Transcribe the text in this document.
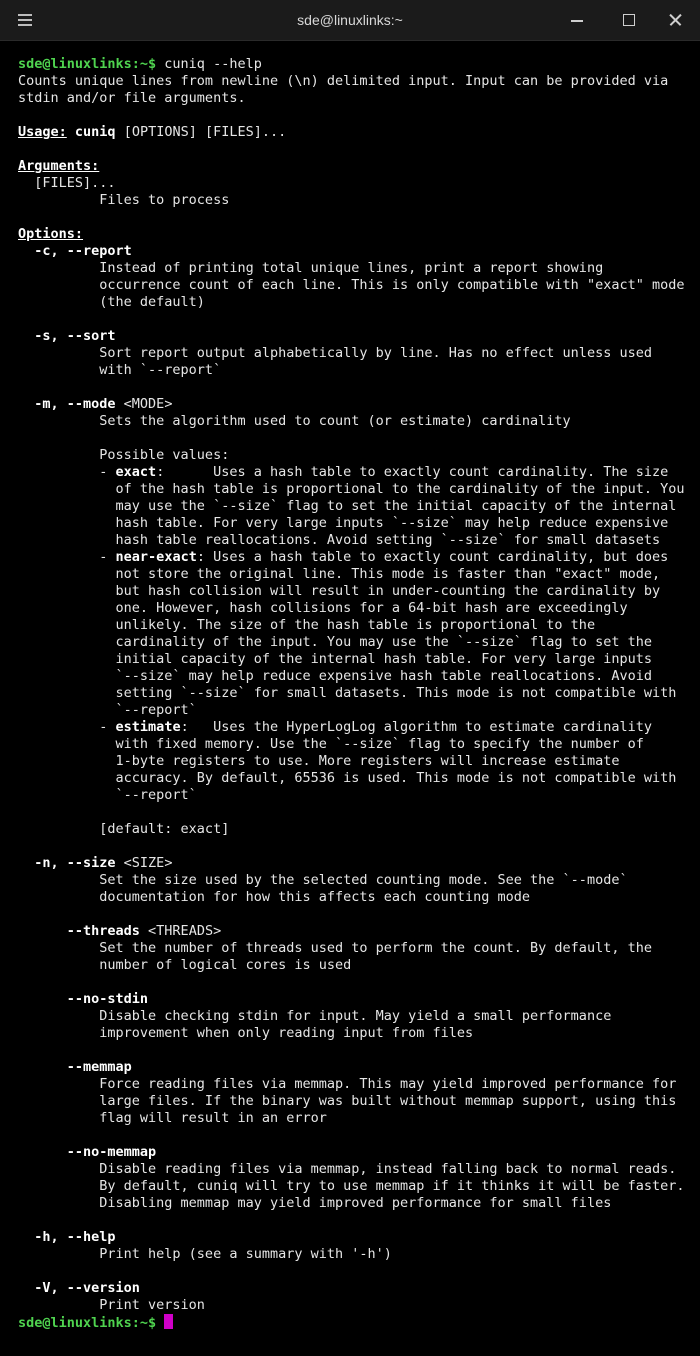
sde@linuxlinks:~
sde@linuxlinks:~$ cuniq --help
Counts unique lines from newline (\n) delimited input. Input can be provided via
stdin and/or file arguments.
Usage: cuniq [OPTIONS] [FILES]...
Arguments:
[FILES]...
Files to process
Options:
-c, --report
Instead of printing total unique lines, print a report showing
occurrence count of each line. This is only compatible with "exact" mode
(the default)
-s, --sort
Sort report output alphabetically by line. Has no effect unless used
with `--report`
-m, --mode <MODE>
Sets the algorithm used to count (or estimate) cardinality
Possible values:
- exact:      Uses a hash table to exactly count cardinality. The size
of the hash table is proportional to the cardinality of the input. You
may use the `--size` flag to set the initial capacity of the internal
hash table. For very large inputs `--size` may help reduce expensive
hash table reallocations. Avoid setting `--size` for small datasets
- near-exact: Uses a hash table to exactly count cardinality, but does
not store the original line. This mode is faster than "exact" mode,
but hash collision will result in under-counting the cardinality by
one. However, hash collisions for a 64-bit hash are exceedingly
unlikely. The size of the hash table is proportional to the
cardinality of the input. You may use the `--size` flag to set the
initial capacity of the internal hash table. For very large inputs
`--size` may help reduce expensive hash table reallocations. Avoid
setting `--size` for small datasets. This mode is not compatible with
`--report`
- estimate:   Uses the HyperLogLog algorithm to estimate cardinality
with fixed memory. Use the `--size` flag to specify the number of
1-byte registers to use. More registers will increase estimate
accuracy. By default, 65536 is used. This mode is not compatible with
`--report`
[default: exact]
-n, --size <SIZE>
Set the size used by the selected counting mode. See the `--mode`
documentation for how this affects each counting mode
--threads <THREADS>
Set the number of threads used to perform the count. By default, the
number of logical cores is used
--no-stdin
Disable checking stdin for input. May yield a small performance
improvement when only reading input from files
--memmap
Force reading files via memmap. This may yield improved performance for
large files. If the binary was built without memmap support, using this
flag will result in an error
--no-memmap
Disable reading files via memmap, instead falling back to normal reads.
By default, cuniq will try to use memmap if it thinks it will be faster.
Disabling memmap may yield improved performance for small files
-h, --help
Print help (see a summary with '-h')
-V, --version
Print version
sde@linuxlinks:~$
